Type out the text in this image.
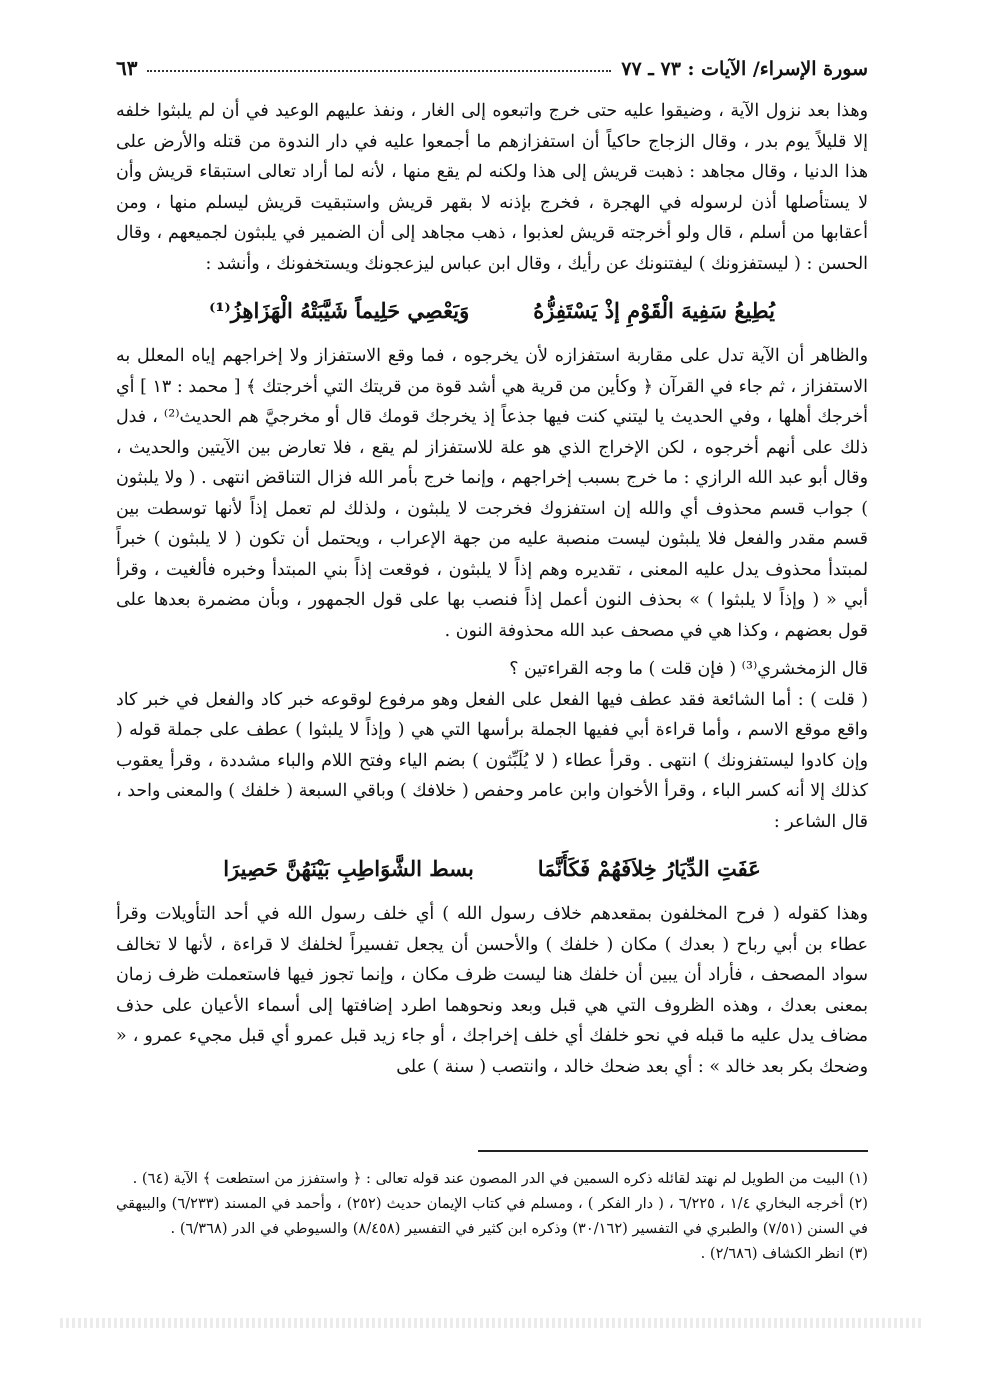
سورة الإسراء/ الآيات : ٧٣ ـ ٧٧
٦٣

وهذا بعد نزول الآية ، وضيقوا عليه حتى خرج واتبعوه إلى الغار ، ونفذ عليهم الوعيد في أن لم يلبثوا خلفه إلا قليلاً يوم بدر ، وقال الزجاج حاكياً أن استفزازهم ما أجمعوا عليه في دار الندوة من قتله والأرض على هذا الدنيا ، وقال مجاهد : ذهبت قريش إلى هذا ولكنه لم يقع منها ، لأنه لما أراد تعالى استبقاء قريش وأن لا يستأصلها أذن لرسوله في الهجرة ، فخرج بإذنه لا بقهر قريش واستبقيت قريش ليسلم منها ، ومن أعقابها من أسلم ، قال ولو أخرجته قريش لعذبوا ، ذهب مجاهد إلى أن الضمير في يلبثون لجميعهم ، وقال الحسن : ( ليستفزونك ) ليفتنونك عن رأيك ، وقال ابن عباس ليزعجونك ويستخفونك ، وأنشد :

يُطِيعُ سَفِيهَ الْقَوْمِ إذْ يَسْتَفِزُّهُ
وَيَعْصِي حَلِيماً شَيَّبَتْهُ الْهَزَاهِزُ⁽¹⁾

والظاهر أن الآية تدل على مقاربة استفزازه لأن يخرجوه ، فما وقع الاستفزاز ولا إخراجهم إياه المعلل به الاستفزاز ، ثم جاء في القرآن ﴿ وكأين من قرية هي أشد قوة من قريتك التي أخرجتك ﴾ [ محمد : ١٣ ] أي أخرجك أهلها ، وفي الحديث يا ليتني كنت فيها جذعاً إذ يخرجك قومك قال أو مخرجيَّ هم الحديث⁽²⁾ ، فدل ذلك على أنهم أخرجوه ، لكن الإخراج الذي هو علة للاستفزاز لم يقع ، فلا تعارض بين الآيتين والحديث ، وقال أبو عبد الله الرازي : ما خرج بسبب إخراجهم ، وإنما خرج بأمر الله فزال التناقض انتهى . ( ولا يلبثون ) جواب قسم محذوف أي والله إن استفزوك فخرجت لا يلبثون ، ولذلك لم تعمل إذاً لأنها توسطت بين قسم مقدر والفعل فلا يلبثون ليست منصبة عليه من جهة الإعراب ، ويحتمل أن تكون ( لا يلبثون ) خبراً لمبتدأ محذوف يدل عليه المعنى ، تقديره وهم إذاً لا يلبثون ، فوقعت إذاً بني المبتدأ وخبره فألغيت ، وقرأ أبي « ( وإذاً لا يلبثوا ) » بحذف النون أعمل إذاً فنصب بها على قول الجمهور ، وبأن مضمرة بعدها على قول بعضهم ، وكذا هي في مصحف عبد الله محذوفة النون .

قال الزمخشري⁽³⁾ ( فإن قلت ) ما وجه القراءتين ؟

( قلت ) : أما الشائعة فقد عطف فيها الفعل على الفعل وهو مرفوع لوقوعه خبر كاد والفعل في خبر كاد واقع موقع الاسم ، وأما قراءة أبي ففيها الجملة برأسها التي هي ( وإذاً لا يلبثوا ) عطف على جملة قوله ( وإن كادوا ليستفزونك ) انتهى . وقرأ عطاء ( لا يُلَبِّثون ) بضم الياء وفتح اللام والباء مشددة ، وقرأ يعقوب كذلك إلا أنه كسر الباء ، وقرأ الأخوان وابن عامر وحفص ( خلافك ) وباقي السبعة ( خلفك ) والمعنى واحد ، قال الشاعر :

عَفَتِ الدِّيَارُ خِلاَفَهُمْ فَكَأَنَّمَا
بسط الشَّوَاطِبِ بَيْنَهُنَّ حَصِيرَا

وهذا كقوله ( فرح المخلفون بمقعدهم خلاف رسول الله ) أي خلف رسول الله في أحد التأويلات وقرأ عطاء بن أبي رباح ( بعدك ) مكان ( خلفك ) والأحسن أن يجعل تفسيراً لخلفك لا قراءة ، لأنها لا تخالف سواد المصحف ، فأراد أن يبين أن خلفك هنا ليست ظرف مكان ، وإنما تجوز فيها فاستعملت ظرف زمان بمعنى بعدك ، وهذه الظروف التي هي قبل وبعد ونحوهما اطرد إضافتها إلى أسماء الأعيان على حذف مضاف يدل عليه ما قبله في نحو خلفك أي خلف إخراجك ، أو جاء زيد قبل عمرو أي قبل مجيء عمرو ، « وضحك بكر بعد خالد » : أي بعد ضحك خالد ، وانتصب ( سنة ) على

(١) البيت من الطويل لم نهتد لقائله ذكره السمين في الدر المصون عند قوله تعالى : ﴿ واستفزز من استطعت ﴾ الآية (٦٤) .

(٢) أخرجه البخاري ١/٤ ، ٦/٢٢٥ ، ( دار الفكر ) ، ومسلم في كتاب الإيمان حديث (٢٥٢) ، وأحمد في المسند (٦/٢٣٣) والبيهقي في السنن (٧/٥١) والطبري في التفسير (٣٠/١٦٢) وذكره ابن كثير في التفسير (٨/٤٥٨) والسيوطي في الدر (٦/٣٦٨) .

(٣) انظر الكشاف (٢/٦٨٦) .
